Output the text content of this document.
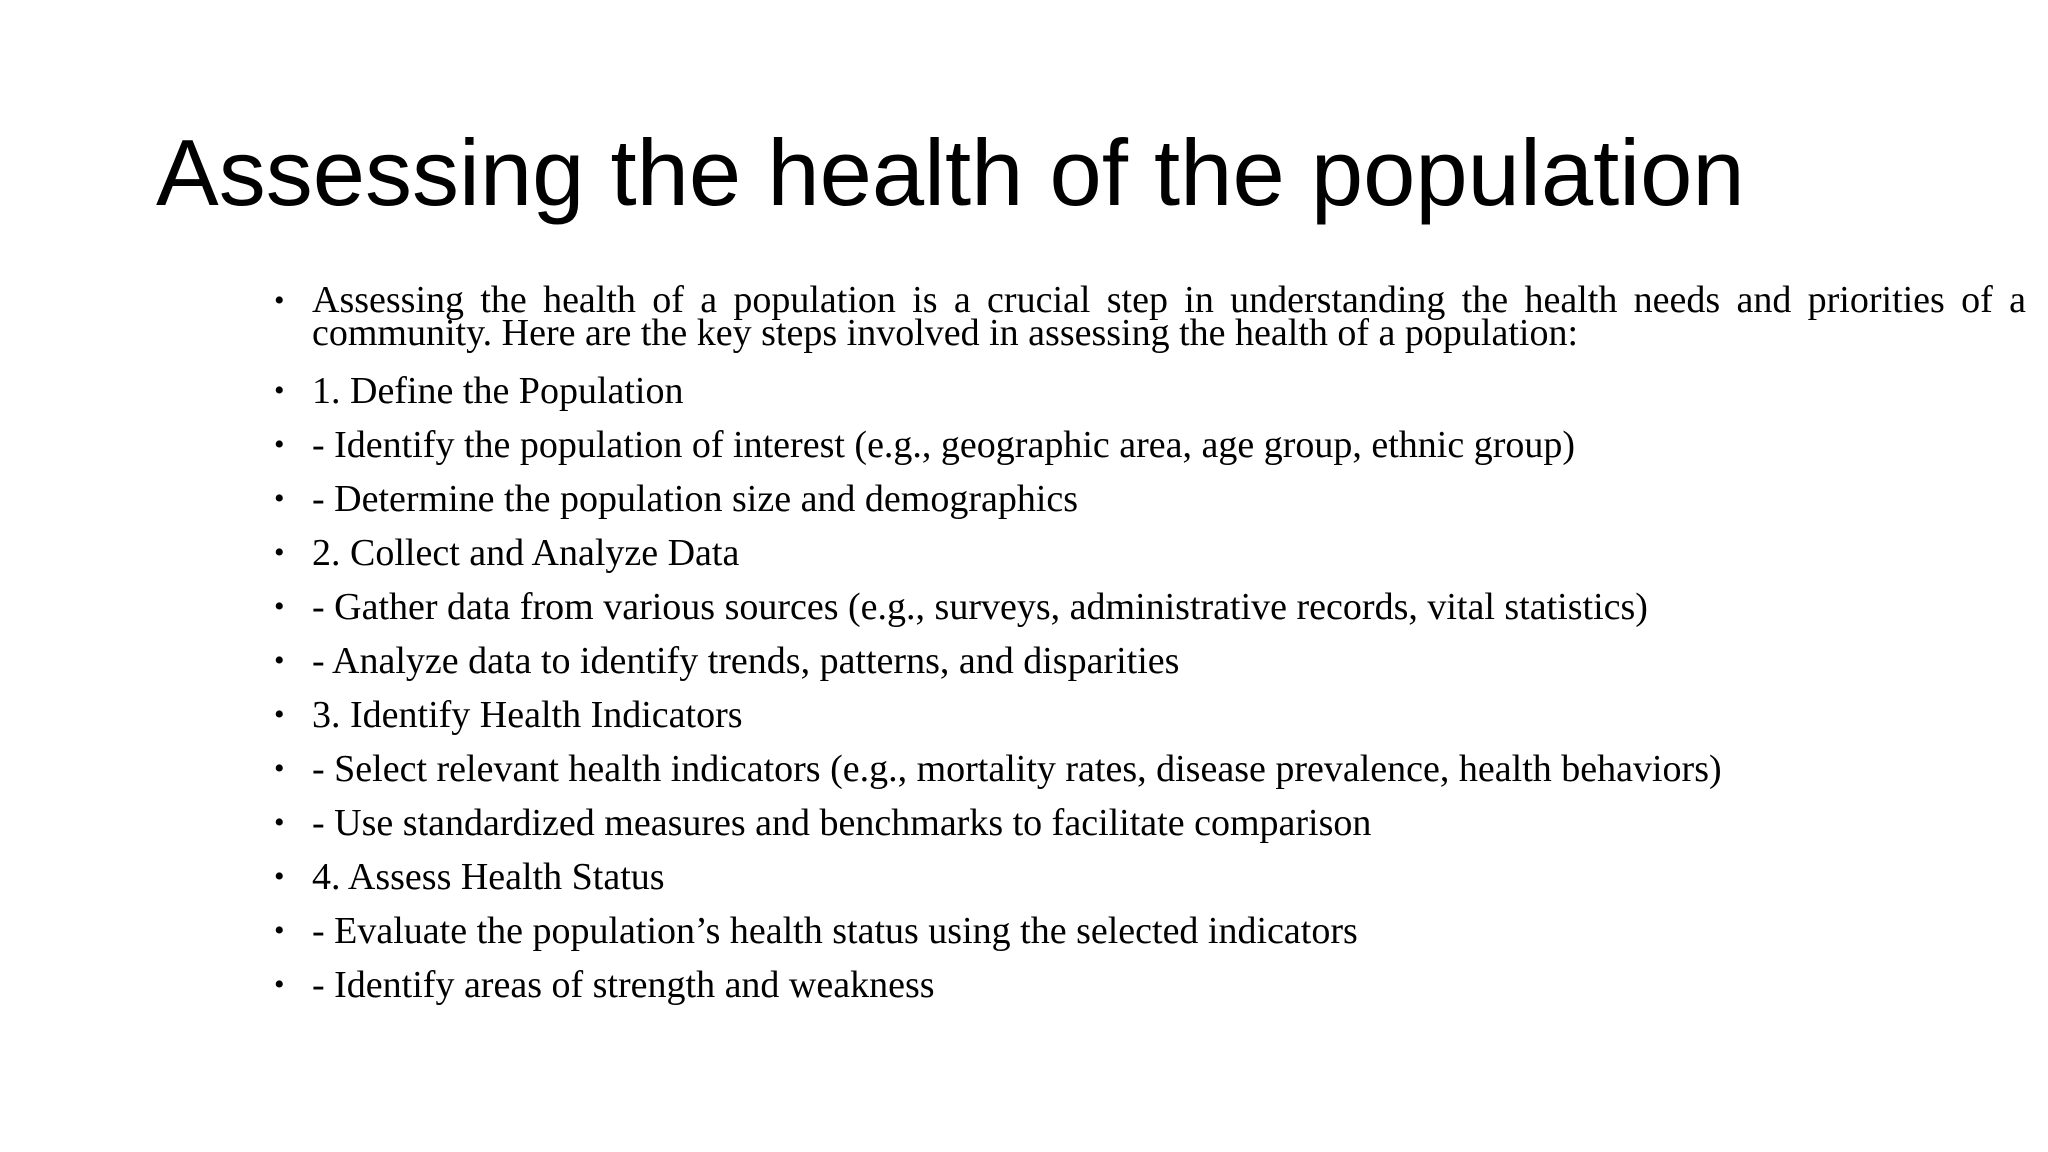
Assessing the health of the population
• Assessing the health of a population is a crucial step in understanding the health needs and priorities of a community. Here are the key steps involved in assessing the health of a population:
• 1. Define the Population
• - Identify the population of interest (e.g., geographic area, age group, ethnic group)
• - Determine the population size and demographics
• 2. Collect and Analyze Data
• - Gather data from various sources (e.g., surveys, administrative records, vital statistics)
• - Analyze data to identify trends, patterns, and disparities
• 3. Identify Health Indicators
• - Select relevant health indicators (e.g., mortality rates, disease prevalence, health behaviors)
• - Use standardized measures and benchmarks to facilitate comparison
• 4. Assess Health Status
• - Evaluate the population’s health status using the selected indicators
• - Identify areas of strength and weakness
